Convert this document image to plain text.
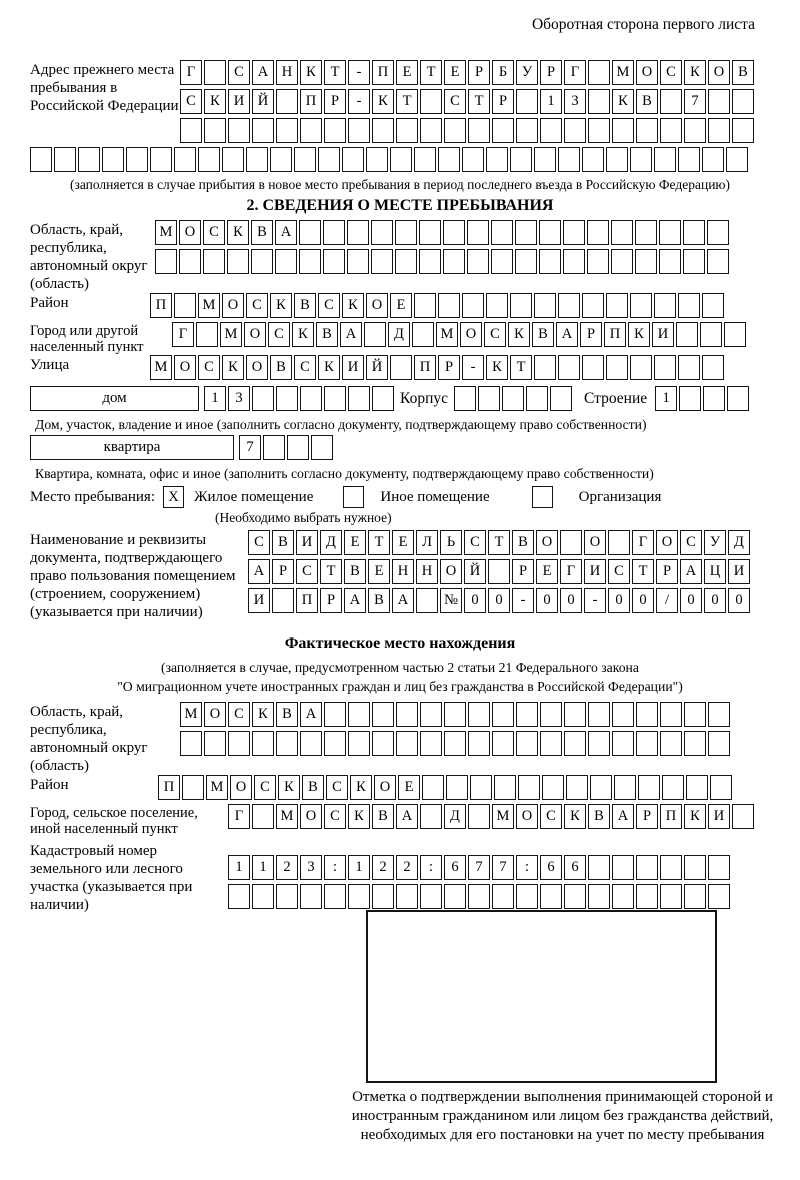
Оборотная сторона первого листа
Адрес прежнего места пребывания в Российской Федерации
Г	С А Н К	Т	-	П Е	Т	Е	Р	Б	У	Р	Г	М О С К О В
С К И Й	П	Р	-	К	Т	С	Т	Р	1	3	К В	7
(заполняется в случае прибытия в новое место пребывания в период последнего въезда в Российскую Федерацию)
2. СВЕДЕНИЯ О МЕСТЕ ПРЕБЫВАНИЯ
Область, край, республика, автономный округ (область)
М О С К В А
Район	П	М О С К В С К О Е
Город или другой населенный пункт
Г	М О С К В А	Д	М О С К В А	Р	П К И
Улица	М О С К О В С К И Й	П	Р	-	К	Т
дом	1	3	Корпус	Строение	1
Дом, участок, владение и иное (заполнить согласно документу, подтверждающему право собственности)
квартира	7
Квартира, комната, офис и иное (заполнить согласно документу, подтверждающему право собственности)
Место пребывания: X	Жилое помещение	Иное помещение	Организация
(Необходимо выбрать нужное)
Наименование и реквизиты документа, подтверждающего право пользования помещением (строением, сооружением) (указывается при наличии)
С В И Д	Е	Т	Е	Л	Ь	С	Т	В О	О	Г	О С У Д
А	Р	С	Т	В	Е Н Н О Й	Р	Е	Г	И С	Т	Р	А Ц И
И	П	Р	А В А	№ 0	0	-	0	0	-	0	0	/	0	0	0
Фактическое место нахождения
(заполняется в случае, предусмотренном частью 2 статьи 21 Федерального закона
"О миграционном учете иностранных граждан и лиц без гражданства в Российской Федерации")
Область, край, республика, автономный округ (область)
М О С К В А
Район	П	М О С К В С К О Е
Город, сельское поселение, иной населенный пункт
Г	М О С К В А	Д	М О С К В А	Р	П К И
Кадастровый номер земельного или лесного участка (указывается при наличии)
1	1	2	3	:	1	2	2	:	6	7	7	:	6	6
Отметка о подтверждении выполнения принимающей стороной и иностранным гражданином или лицом без гражданства действий, необходимых для его постановки на учет по месту пребывания
